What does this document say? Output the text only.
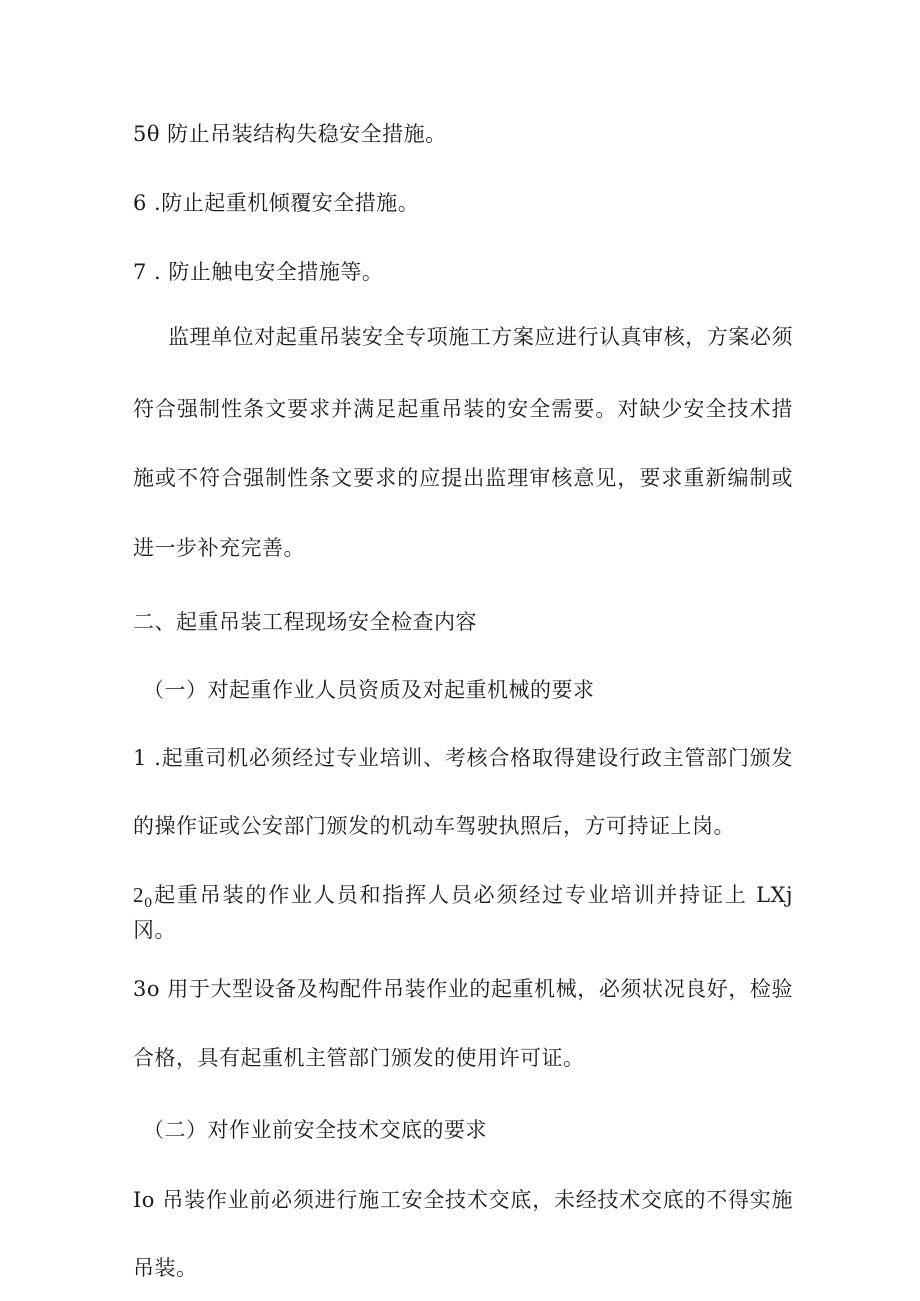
5θ 防止吊装结构失稳安全措施。
6 .防止起重机倾覆安全措施。
7 . 防止触电安全措施等。
监理单位对起重吊装安全专项施工方案应进行认真审核，方案必须
符合强制性条文要求并满足起重吊装的安全需要。对缺少安全技术措
施或不符合强制性条文要求的应提出监理审核意见，要求重新编制或
进一步补充完善。
二、起重吊装工程现场安全检查内容
（一）对起重作业人员资质及对起重机械的要求
1 .起重司机必须经过专业培训、考核合格取得建设行政主管部门颁发
的操作证或公安部门颁发的机动车驾驶执照后，方可持证上岗。
$2_0$起重吊装的作业人员和指挥人员必须经过专业培训并持证上 LXj
冈。
3o 用于大型设备及构配件吊装作业的起重机械，必须状况良好，检验
合格，具有起重机主管部门颁发的使用许可证。
（二）对作业前安全技术交底的要求
Io 吊装作业前必须进行施工安全技术交底，未经技术交底的不得实施
吊装。
